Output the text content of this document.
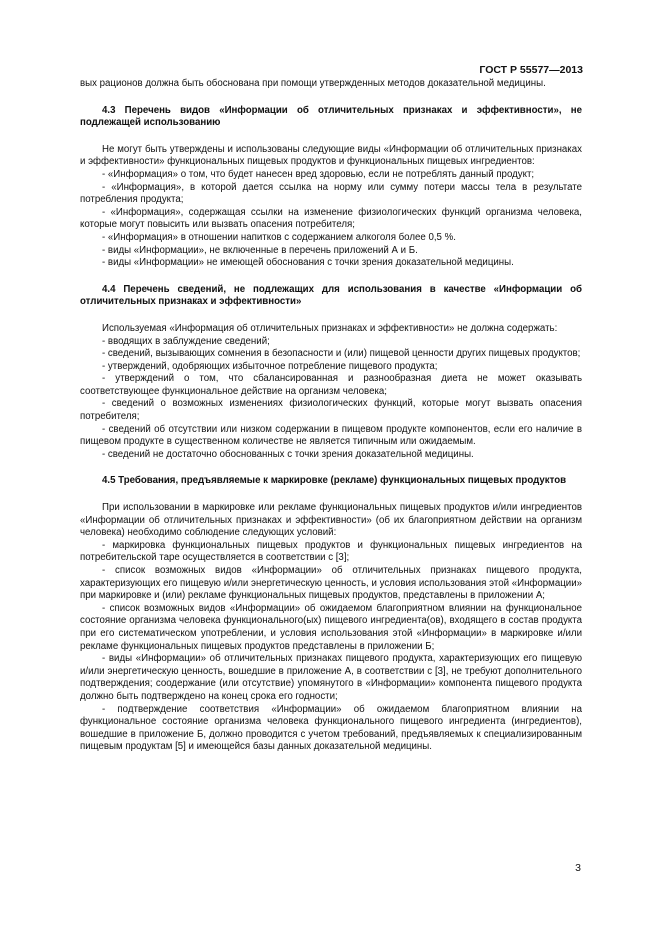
ГОСТ Р 55577—2013

вых рационов должна быть обоснована при помощи утвержденных методов доказательной медицины.

4.3 Перечень видов «Информации об отличительных признаках и эффективности», не подлежащей использованию

Не могут быть утверждены и использованы следующие виды «Информации об отличительных признаках и эффективности» функциональных пищевых продуктов и функциональных пищевых ингредиентов:

- «Информация» о том, что будет нанесен вред здоровью, если не потреблять данный продукт;

- «Информация», в которой дается ссылка на норму или сумму потери массы тела в результате потребления продукта;

- «Информация», содержащая ссылки на изменение физиологических функций организма человека, которые могут повысить или вызвать опасения потребителя;

- «Информация» в отношении напитков с содержанием алкоголя более 0,5 %.

- виды «Информации», не включенные в перечень приложений А и Б.

- виды «Информации» не имеющей обоснования с точки зрения доказательной медицины.

4.4 Перечень сведений, не подлежащих для использования в качестве «Информации об отличительных признаках и эффективности»

Используемая «Информация об отличительных признаках и эффективности» не должна содержать:

- вводящих в заблуждение сведений;

- сведений, вызывающих сомнения в безопасности и (или) пищевой ценности других пищевых продуктов;

- утверждений, одобряющих избыточное потребление пищевого продукта;

- утверждений о том, что сбалансированная и разнообразная диета не может оказывать соответствующее функциональное действие на организм человека;

- сведений о возможных изменениях физиологических функций, которые могут вызвать опасения потребителя;

- сведений об отсутствии или низком содержании в пищевом продукте компонентов, если его наличие в пищевом продукте в существенном количестве не является типичным или ожидаемым.

- сведений не достаточно обоснованных с точки зрения доказательной медицины.

4.5 Требования, предъявляемые к маркировке (рекламе) функциональных пищевых продуктов

При использовании в маркировке или рекламе функциональных пищевых продуктов и/или ингредиентов «Информации об отличительных признаках и эффективности» (об их благоприятном действии на организм человека) необходимо соблюдение следующих условий:

- маркировка функциональных пищевых продуктов и функциональных пищевых ингредиентов на потребительской таре осуществляется в соответствии с [3];

- список возможных видов «Информации» об отличительных признаках пищевого продукта, характеризующих его пищевую и/или энергетическую ценность, и условия использования этой «Информации» при маркировке и (или) рекламе функциональных пищевых продуктов, представлены в приложении А;

- список возможных видов «Информации» об ожидаемом благоприятном влиянии на функциональное состояние организма человека функционального(ых) пищевого ингредиента(ов), входящего в состав продукта при его систематическом употреблении, и условия использования этой «Информации» в маркировке и/или рекламе функциональных пищевых продуктов представлены в приложении Б;

- виды «Информации» об отличительных признаках пищевого продукта, характеризующих его пищевую и/или энергетическую ценность, вошедшие в приложение А, в соответствии с [3], не требуют дополнительного подтверждения; соодержание (или отсутствие) упомянутого в «Информации» компонента пищевого продукта должно быть подтверждено на конец срока его годности;

- подтверждение соответствия «Информации» об ожидаемом благоприятном влиянии на функциональное состояние организма человека функционального пищевого ингредиента (ингредиентов), вошедшие в приложение Б, должно проводится с учетом требований, предъявляемых к специализированным пищевым продуктам [5] и имеющейся базы данных доказательной медицины.

3
